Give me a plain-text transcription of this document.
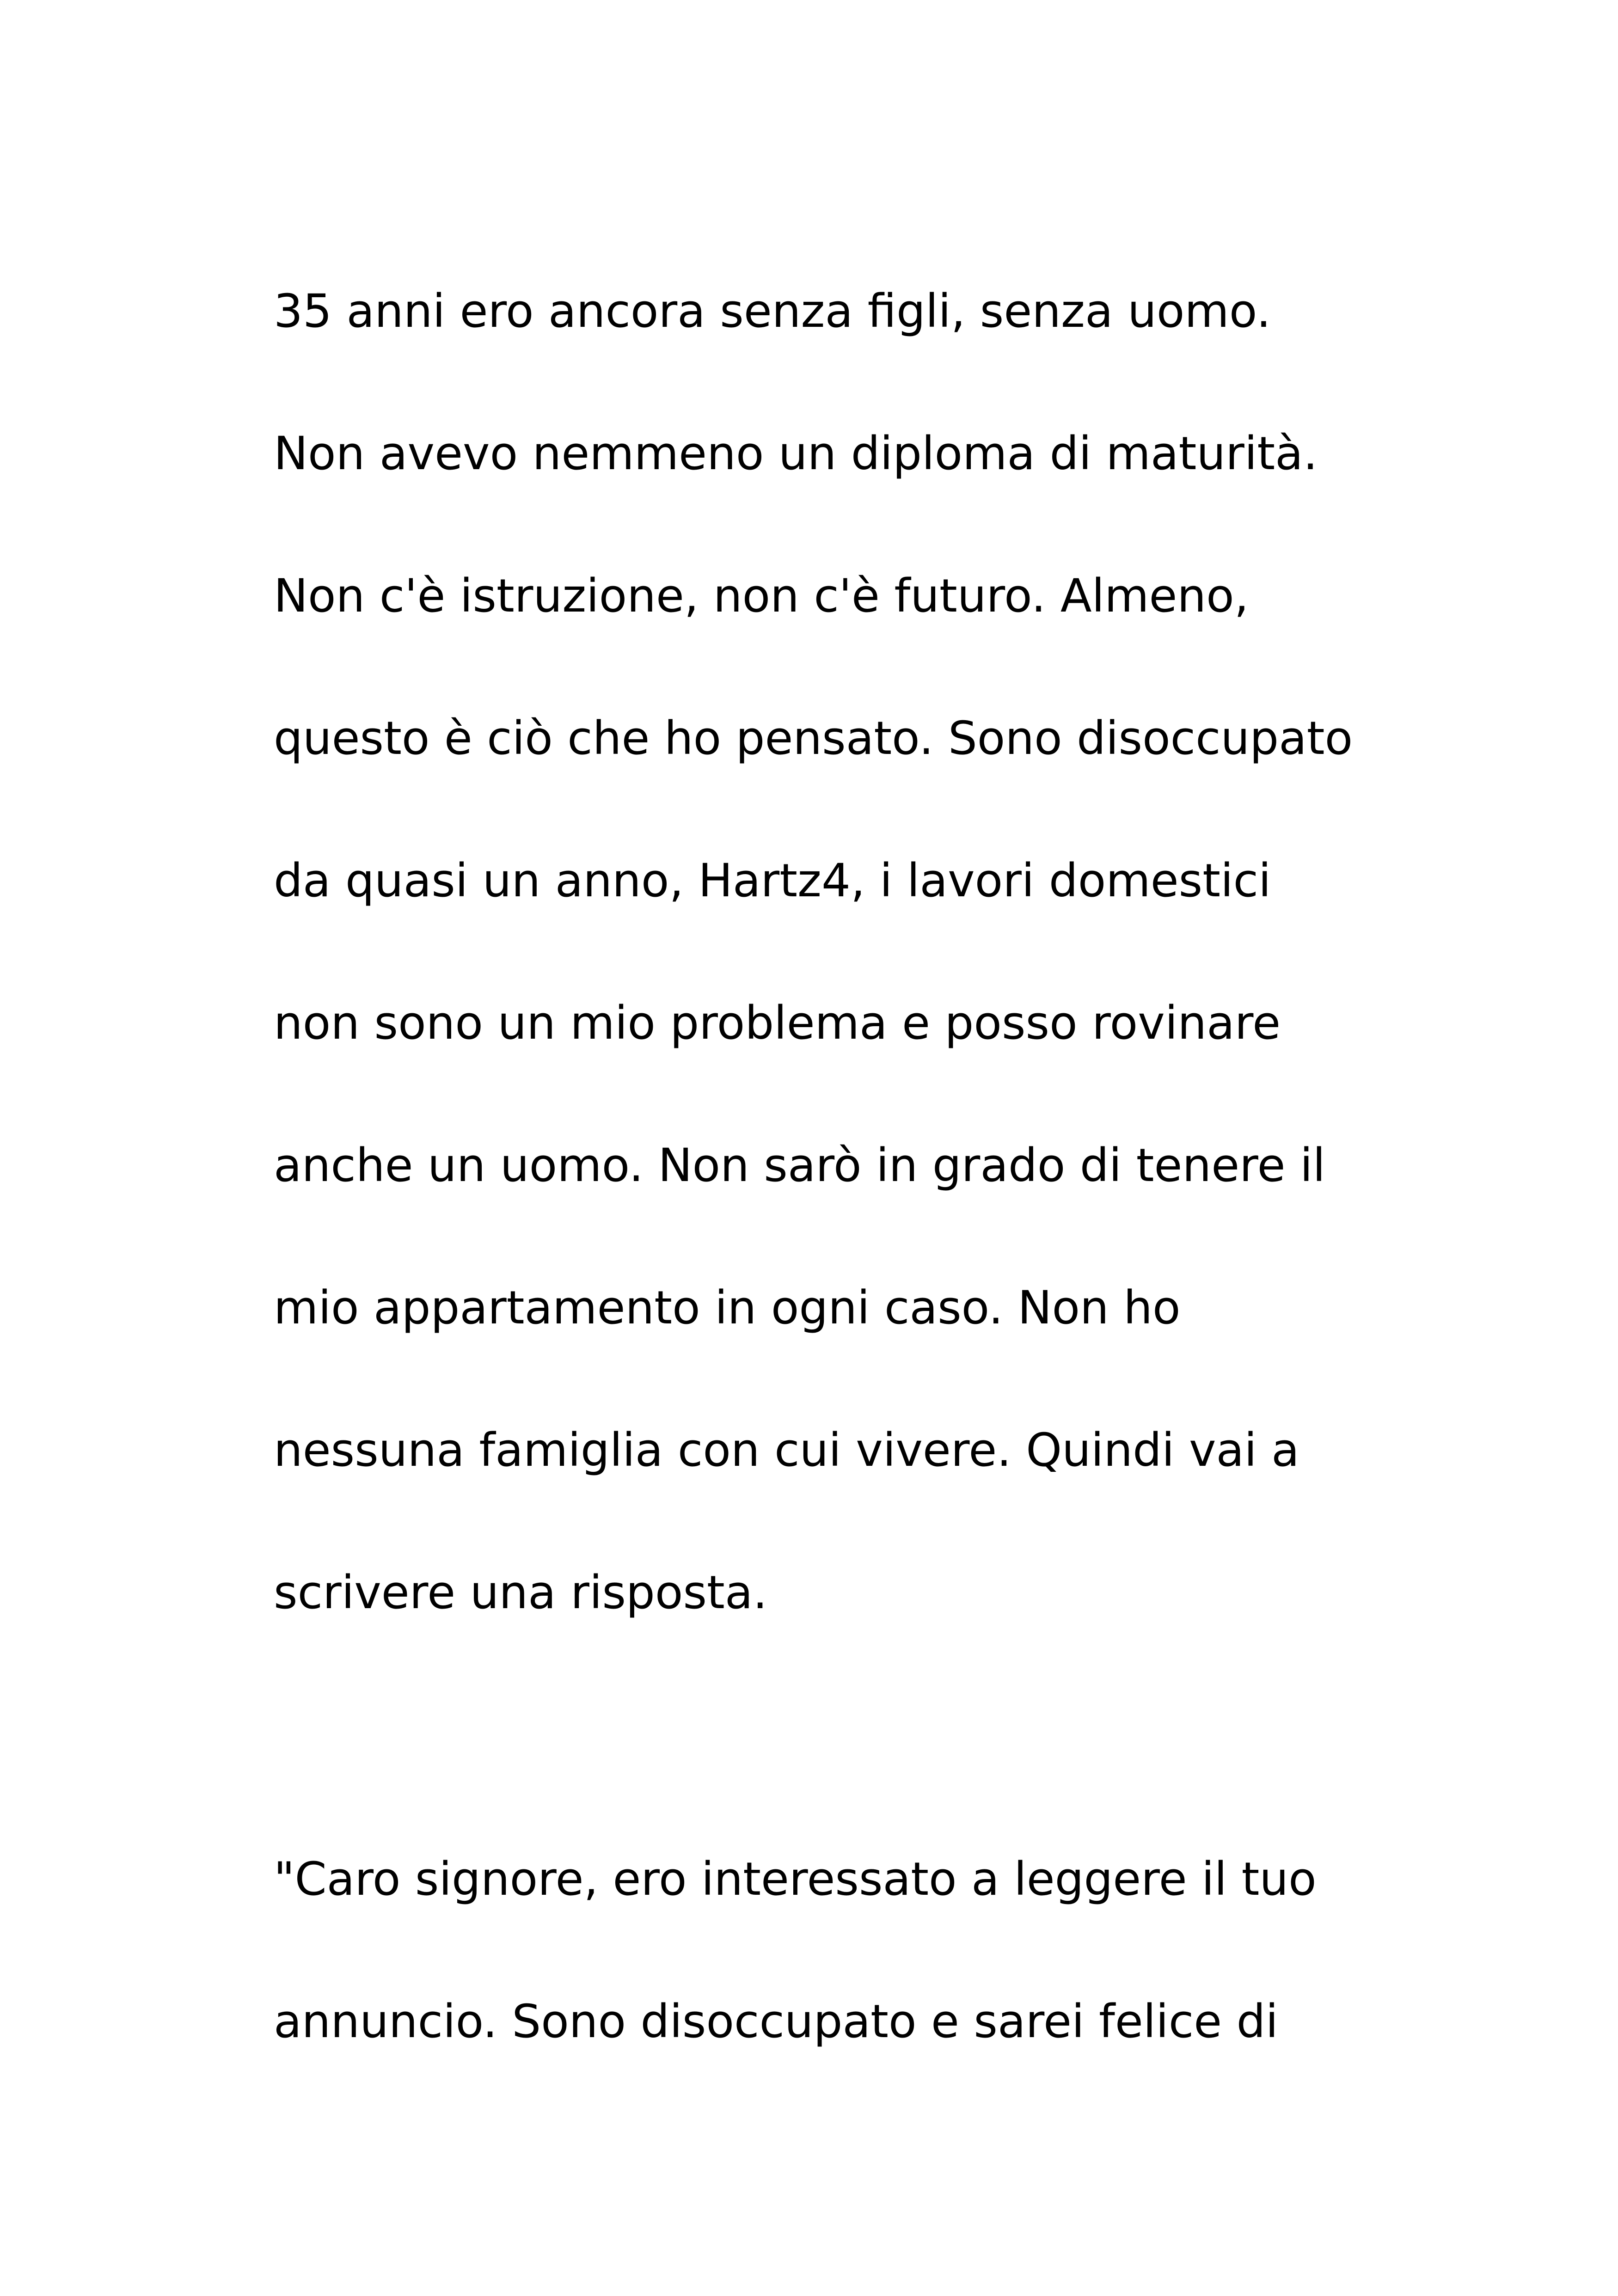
35 anni ero ancora senza figli, senza uomo.
Non avevo nemmeno un diploma di maturità.
Non c'è istruzione, non c'è futuro. Almeno,
questo è ciò che ho pensato. Sono disoccupato
da quasi un anno, Hartz4, i lavori domestici
non sono un mio problema e posso rovinare
anche un uomo. Non sarò in grado di tenere il
mio appartamento in ogni caso. Non ho
nessuna famiglia con cui vivere. Quindi vai a
scrivere una risposta.
"Caro signore, ero interessato a leggere il tuo
annuncio. Sono disoccupato e sarei felice di
